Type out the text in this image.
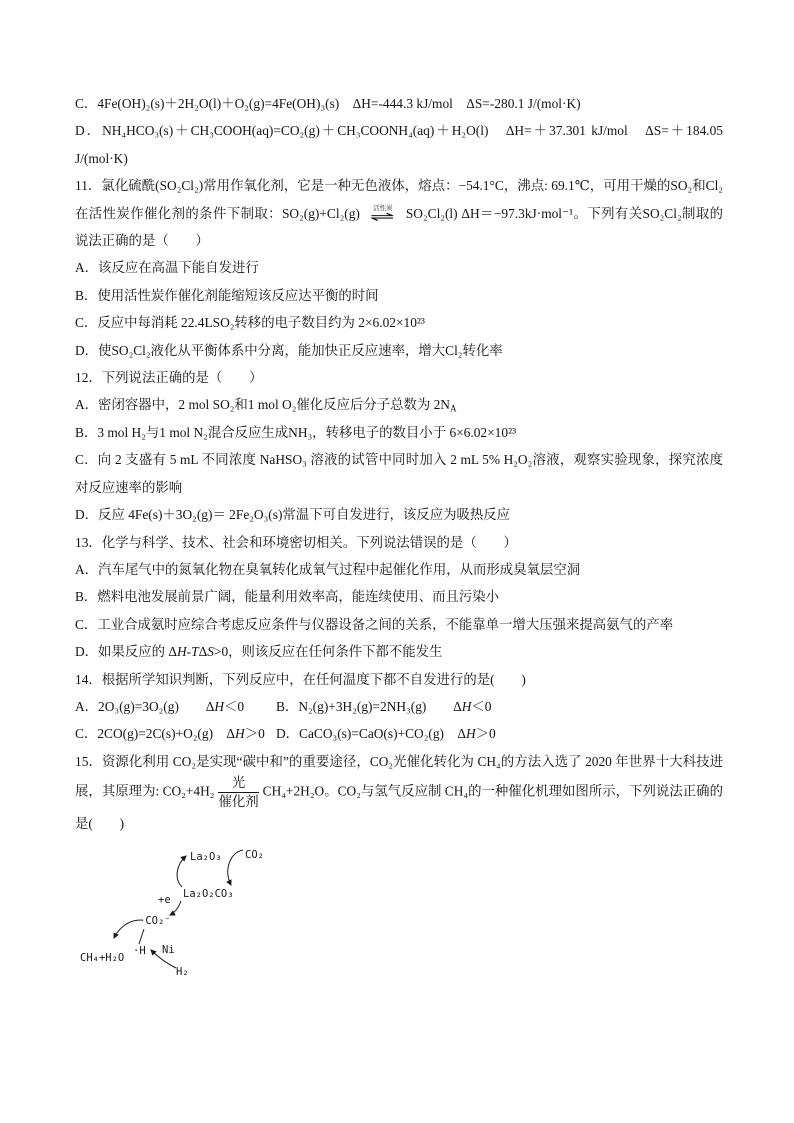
C．4Fe(OH)₂(s)＋2H₂O(l)＋O₂(g)=4Fe(OH)₃(s)　ΔH=-444.3 kJ/mol　ΔS=-280.1 J/(mol·K)

D．NH₄HCO₃(s)＋CH₃COOH(aq)=CO₂(g)＋CH₃COONH₄(aq)＋H₂O(l)　ΔH=＋37.301 kJ/mol　ΔS=＋184.05 J/(mol·K)

11．氯化硫酰(SO₂Cl₂)常用作氧化剂，它是一种无色液体，熔点：−54.1°C，沸点: 69.1℃，可用干燥的SO₂和Cl₂在活性炭作催化剂的条件下制取：SO₂(g)+Cl₂(g) 活性炭
⇌ SO₂Cl₂(l) ΔH＝−97.3kJ·mol⁻¹。下列有关SO₂Cl₂制取的说法正确的是（　　）

A．该反应在高温下能自发进行

B．使用活性炭作催化剂能缩短该反应达平衡的时间

C．反应中每消耗 22.4LSO₂转移的电子数目约为 2×6.02×10²³

D．使SO₂Cl₂液化从平衡体系中分离，能加快正反应速率，增大Cl₂转化率

12．下列说法正确的是（　　）

A．密闭容器中，2 mol SO₂和1 mol O₂催化反应后分子总数为 $2N_A$

B．3 mol H₂与1 mol N₂混合反应生成NH₃，转移电子的数目小于 6×6.02×10²³

C．向 2 支盛有 5 mL 不同浓度 NaHSO₃ 溶液的试管中同时加入 2 mL 5% H₂O₂溶液，观察实验现象，探究浓度对反应速率的影响

D．反应 4Fe(s)＋3O₂(g)＝ 2Fe₂O₃(s)常温下可自发进行，该反应为吸热反应

13．化学与科学、技术、社会和环境密切相关。下列说法错误的是（　　）

A．汽车尾气中的氮氧化物在臭氧转化成氧气过程中起催化作用，从而形成臭氧层空洞

B．燃料电池发展前景广阔，能量利用效率高，能连续使用、而且污染小

C．工业合成氨时应综合考虑反应条件与仪器设备之间的关系，不能靠单一增大压强来提高氨气的产率

D．如果反应的 ΔH-TΔS>0，则该反应在任何条件下都不能发生

14．根据所学知识判断，下列反应中，在任何温度下都不自发进行的是(　　)

A．2O₃(g)=3O₂(g)　　ΔH＜0 B．N₂(g)+3H₂(g)=2NH₃(g)　　ΔH＜0
C．2CO(g)=2C(s)+O₂(g)　ΔH＞0 D．CaCO₃(s)=CaO(s)+CO₂(g)　ΔH＞0

15．资源化利用 CO₂是实现“碳中和”的重要途径，CO₂光催化转化为 CH₄的方法入选了 2020 年世界十大科技进展，其原理为: CO₂+4H₂
光
催化剂
CH₄+2H₂O。CO₂与氢气反应制 CH₄的一种催化机理如图所示，下列说法正确的是(　　)

La₂O₃ CO₂
La₂O₂CO₃
+e
·CO₂⁻
·H Ni
CH₄+H₂O
H₂
